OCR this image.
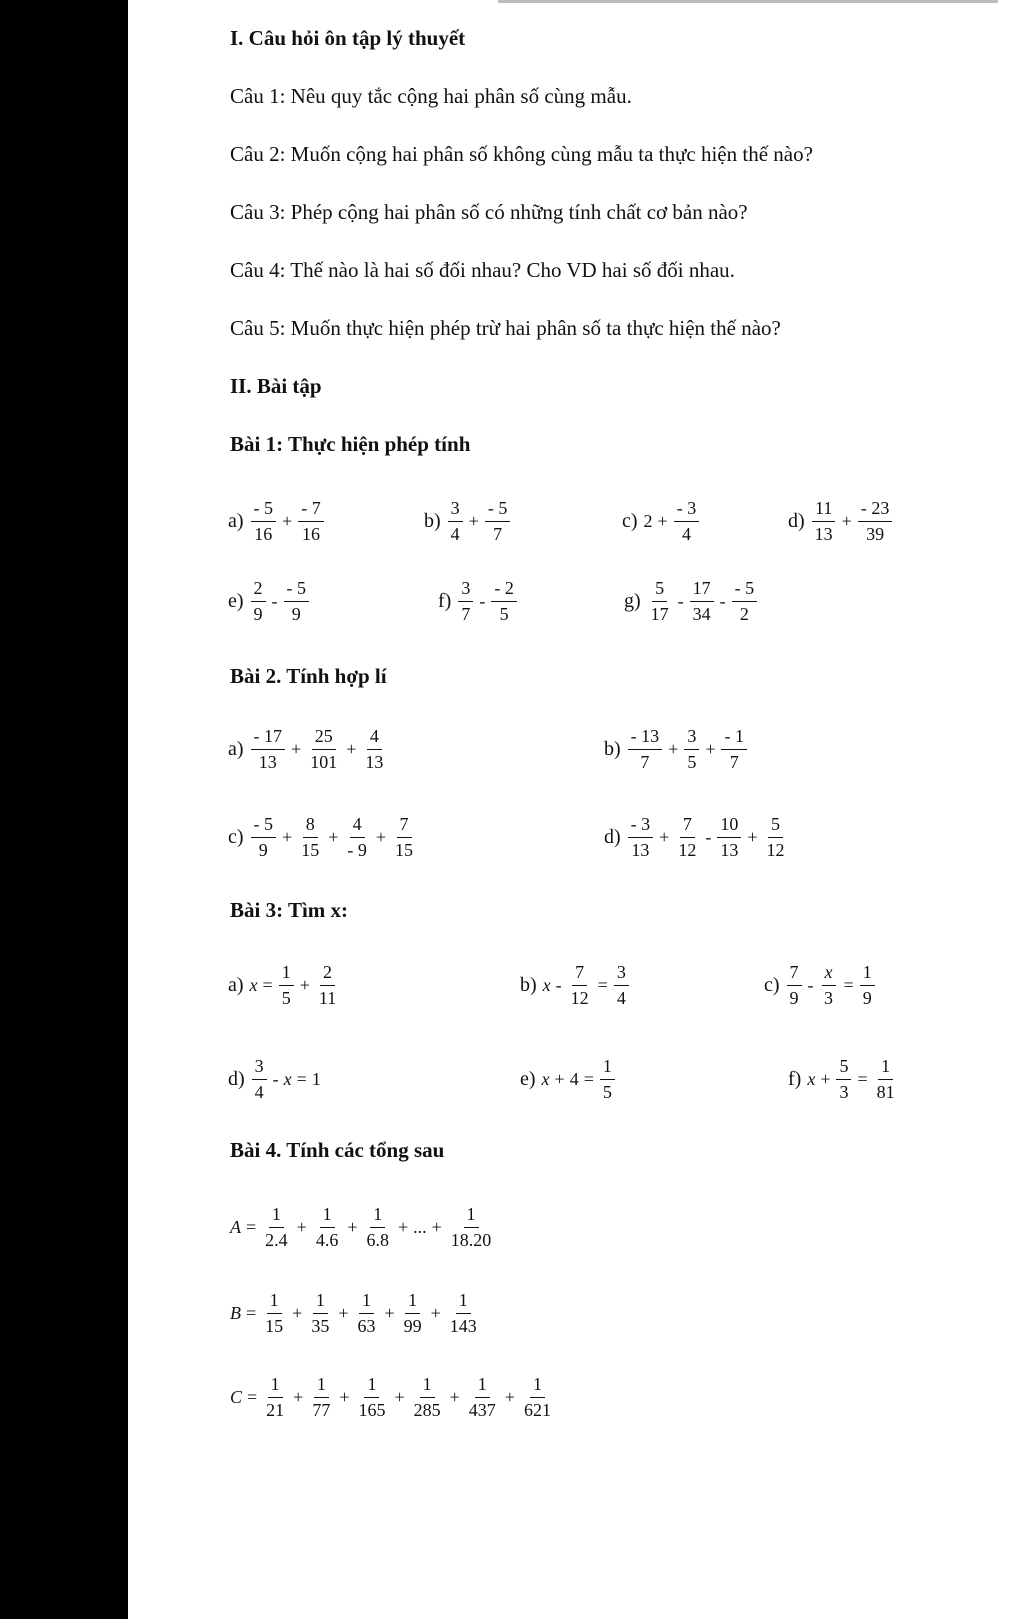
I. Câu hỏi ôn tập lý thuyết
Câu 1: Nêu quy tắc cộng hai phân số cùng mẫu.
Câu 2: Muốn cộng hai phân số không cùng mẫu ta thực hiện thế nào?
Câu 3: Phép cộng hai phân số có những tính chất cơ bản nào?
Câu 4: Thế nào là hai số đối nhau? Cho VD hai số đối nhau.
Câu 5: Muốn thực hiện phép trừ hai phân số ta thực hiện thế nào?
II. Bài tập
Bài 1: Thực hiện phép tính
$a) \frac{- 5}{16} + \frac{- 7}{16}$	$b) \frac{3}{4} + \frac{- 5}{7}$	c) $2 + \frac{- 3}{4}$	$d) \frac{11}{13} + \frac{- 23}{39}$
$e) \frac{2}{9} - \frac{- 5}{9}$	$f) \frac{3}{7} - \frac{- 2}{5}$	$g) \frac{5}{17} - \frac{17}{34} - \frac{- 5}{2}$
Bài 2. Tính hợp lí
$a) \frac{- 17}{13} + \frac{25}{101} + \frac{4}{13}$	$b) \frac{- 13}{7} + \frac{3}{5} + \frac{- 1}{7}$
$c) \frac{- 5}{9} + \frac{8}{15} + \frac{4}{- 9} + \frac{7}{15}$	$d) \frac{- 3}{13} + \frac{7}{12} - \frac{10}{13} + \frac{5}{12}$
Bài 3: Tìm x:
a) $x = \frac{1}{5} + \frac{2}{11}$	b) $x - \frac{7}{12} = \frac{3}{4}$	$c) \frac{7}{9} - \frac{x}{3} = \frac{1}{9}$
$d) \frac{3}{4} - x = 1$	e) $x + 4 = \frac{1}{5}$	f) $x + \frac{5}{3} = \frac{1}{81}$
Bài 4. Tính các tổng sau
$A = \frac{1}{2.4} + \frac{1}{4.6} + \frac{1}{6.8}$ + ... + $\frac{1}{18.20}$
$B = \frac{1}{15} + \frac{1}{35} + \frac{1}{63} + \frac{1}{99} + \frac{1}{143}$
$C = \frac{1}{21} + \frac{1}{77} + \frac{1}{165} + \frac{1}{285} + \frac{1}{437} + \frac{1}{621}$
